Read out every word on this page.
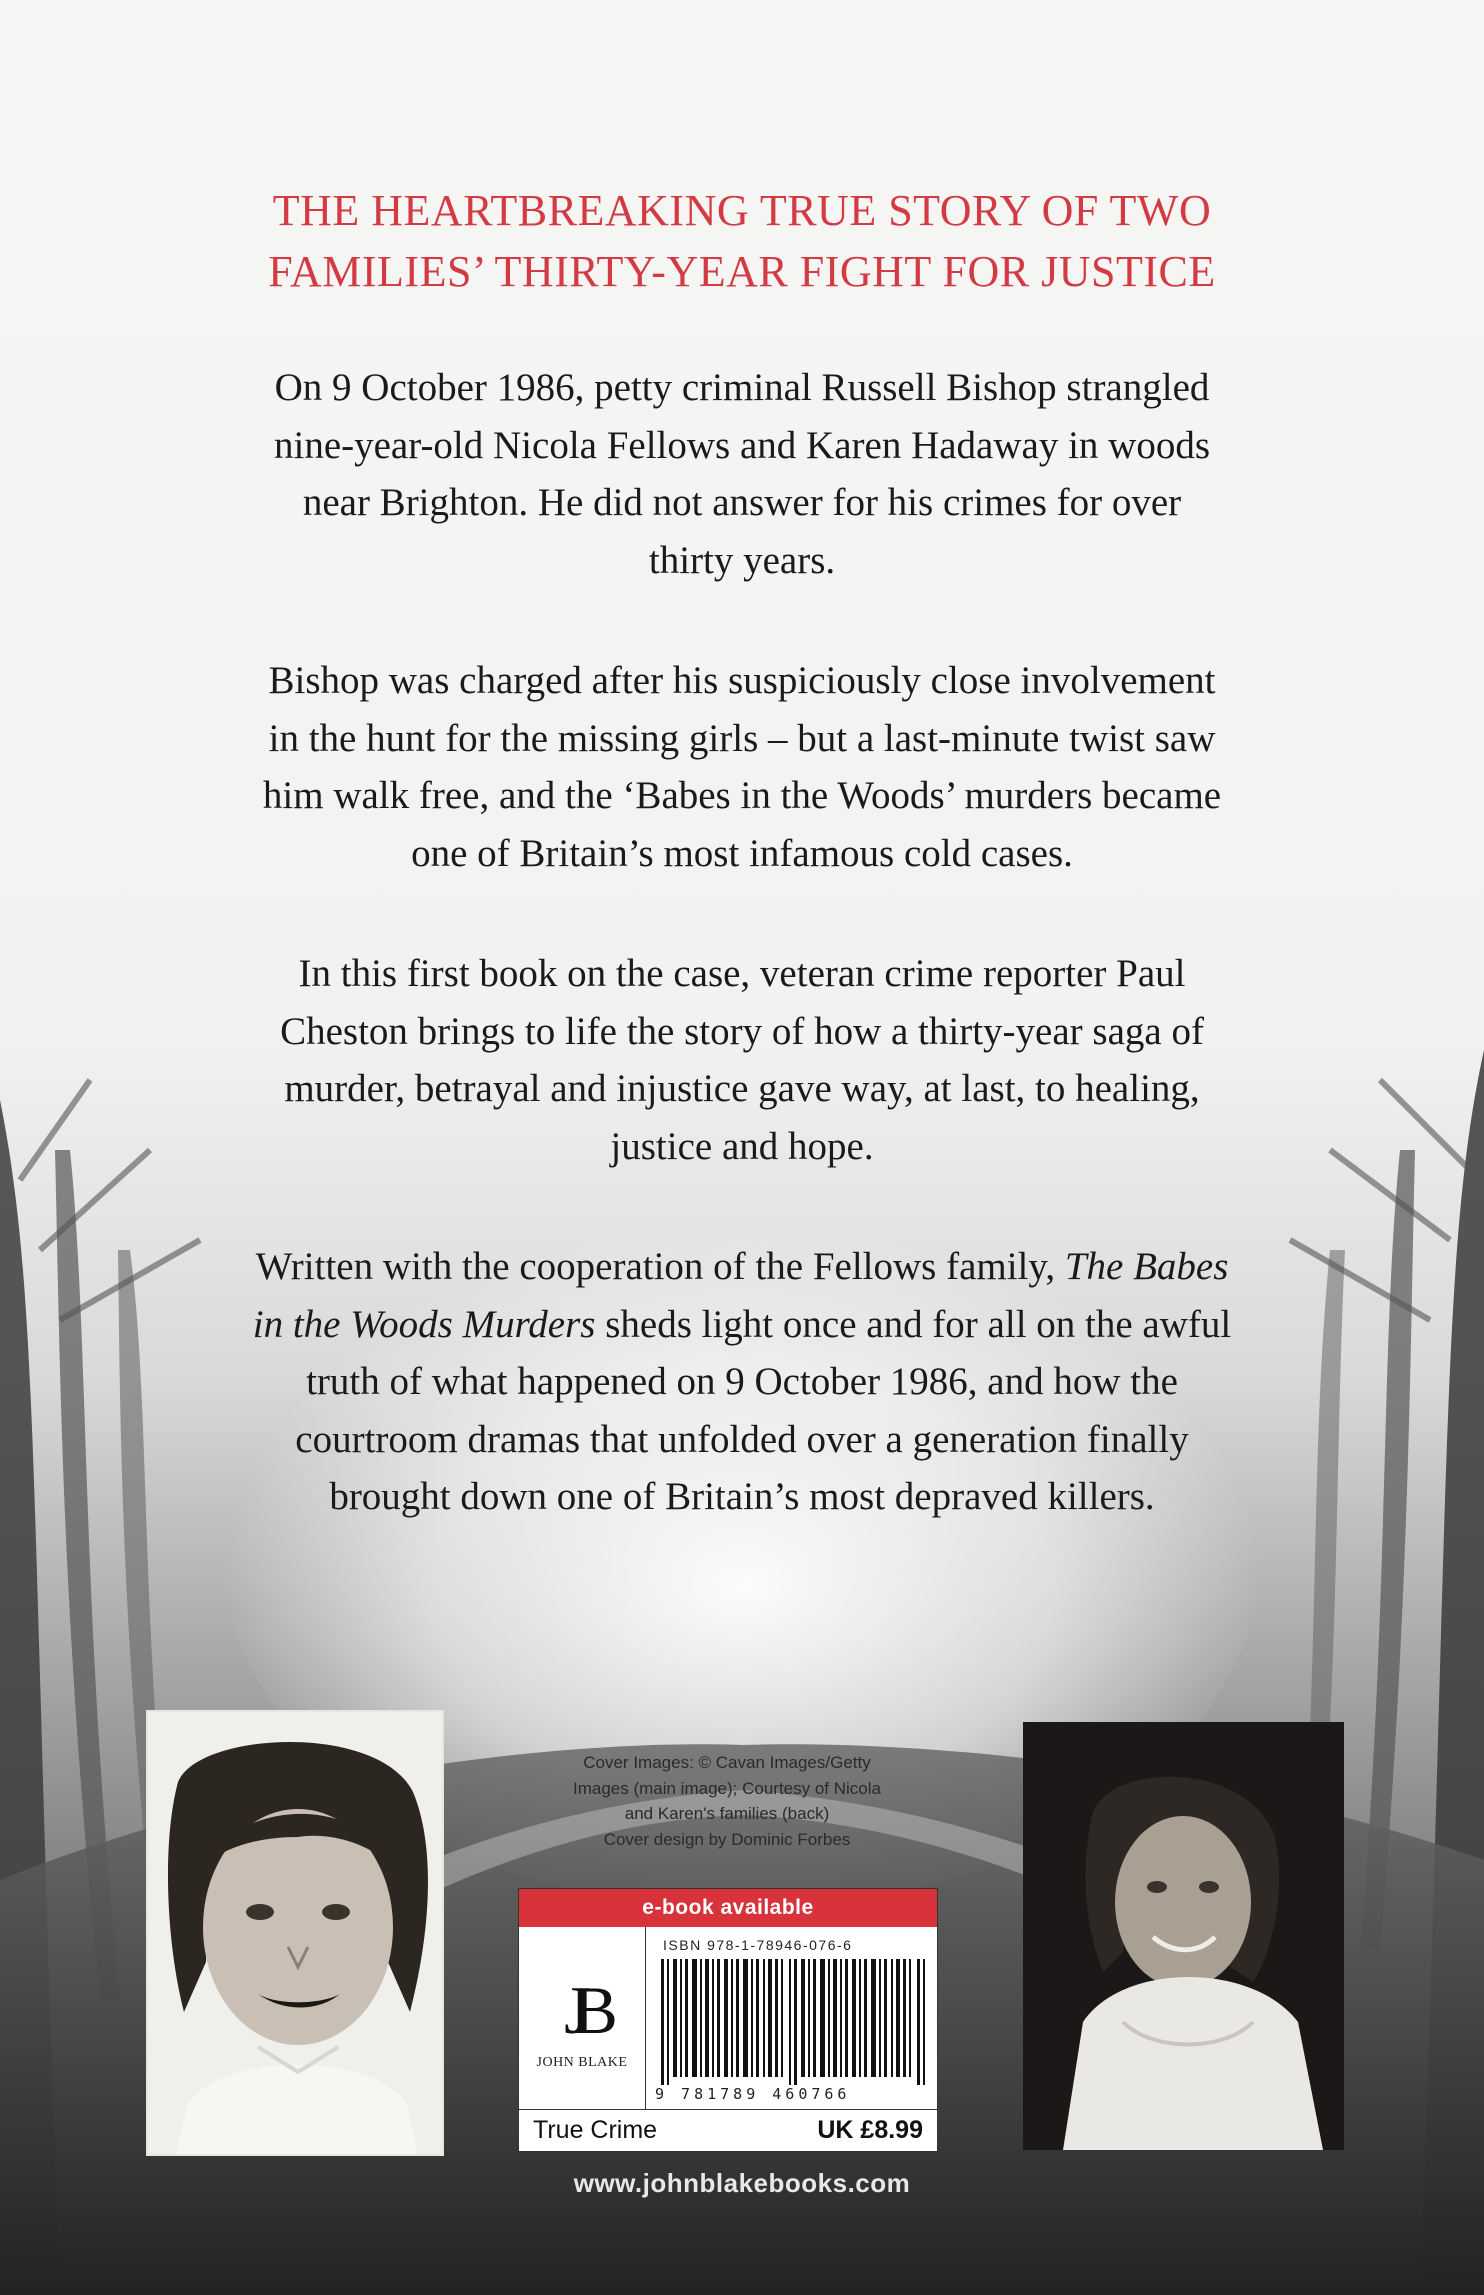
THE HEARTBREAKING TRUE STORY OF TWO
FAMILIES’ THIRTY-YEAR FIGHT FOR JUSTICE
On 9 October 1986, petty criminal Russell Bishop strangled
nine-year-old Nicola Fellows and Karen Hadaway in woods
near Brighton. He did not answer for his crimes for over
thirty years.
Bishop was charged after his suspiciously close involvement
in the hunt for the missing girls – but a last-minute twist saw
him walk free, and the ‘Babes in the Woods’ murders became
one of Britain’s most infamous cold cases.
In this first book on the case, veteran crime reporter Paul
Cheston brings to life the story of how a thirty-year saga of
murder, betrayal and injustice gave way, at last, to healing,
justice and hope.
Written with the cooperation of the Fellows family, The Babes
in the Woods Murders sheds light once and for all on the awful
truth of what happened on 9 October 1986, and how the
courtroom dramas that unfolded over a generation finally
brought down one of Britain’s most depraved killers.
Cover Images: © Cavan Images/Getty
Images (main image); Courtesy of Nicola
and Karen's families (back)
Cover design by Dominic Forbes
e-book available
JB
JOHN BLAKE
ISBN 978-1-78946-076-6
9 781789 460766
True Crime	UK £8.99
www.johnblakebooks.com
